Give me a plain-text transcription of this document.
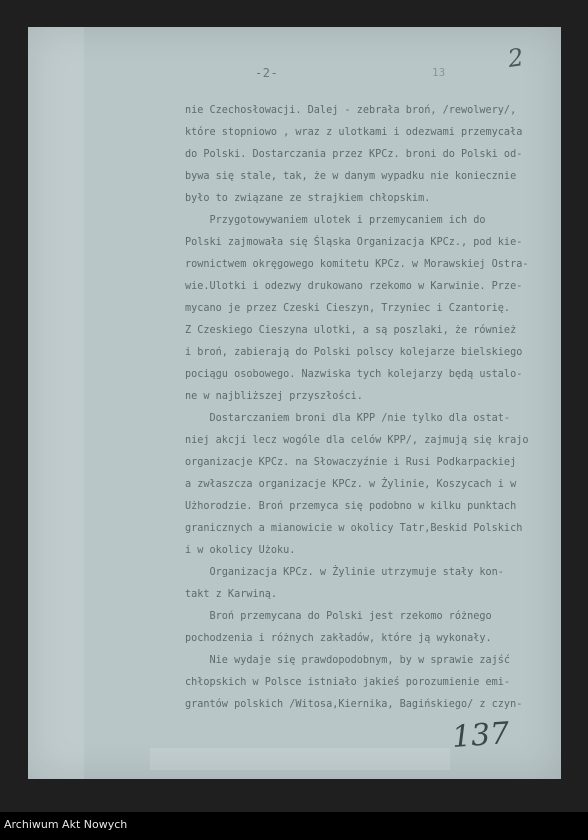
-2-	13	2
nie Czechosłowacji. Dalej - zebrała broń, /rewolwery/,
które stopniowo , wraz z ulotkami i odezwami przemycała
do Polski. Dostarczania przez KPCz. broni do Polski od-
bywa się stale, tak, że w danym wypadku nie koniecznie
było to związane ze strajkiem chłopskim.
Przygotowywaniem ulotek i przemycaniem ich do
Polski zajmowała się Śląska Organizacja KPCz., pod kie-
rownictwem okręgowego komitetu KPCz. w Morawskiej Ostra-
wie.Ulotki i odezwy drukowano rzekomo w Karwinie. Prze-
mycano je przez Czeski Cieszyn, Trzyniec i Czantorię.
Z Czeskiego Cieszyna ulotki, a są poszlaki, że również
i broń, zabierają do Polski polscy kolejarze bielskiego
pociągu osobowego. Nazwiska tych kolejarzy będą ustalo-
ne w najbliższej przyszłości.
Dostarczaniem broni dla KPP /nie tylko dla ostat-
niej akcji lecz wogóle dla celów KPP/, zajmują się krajo
organizacje KPCz. na Słowaczyźnie i Rusi Podkarpackiej
a zwłaszcza organizacje KPCz. w Żylinie, Koszycach i w
Użhorodzie. Broń przemyca się podobno w kilku punktach
granicznych a mianowicie w okolicy Tatr,Beskid Polskich
i w okolicy Użoku.
Organizacja KPCz. w Żylinie utrzymuje stały kon-
takt z Karwiną.
Broń przemycana do Polski jest rzekomo różnego
pochodzenia i różnych zakładów, które ją wykonały.
Nie wydaje się prawdopodobnym, by w sprawie zajść
chłopskich w Polsce istniało jakieś porozumienie emi-
grantów polskich /Witosa,Kiernika, Bagińskiego/ z czyn-
137
Archiwum Akt Nowych
